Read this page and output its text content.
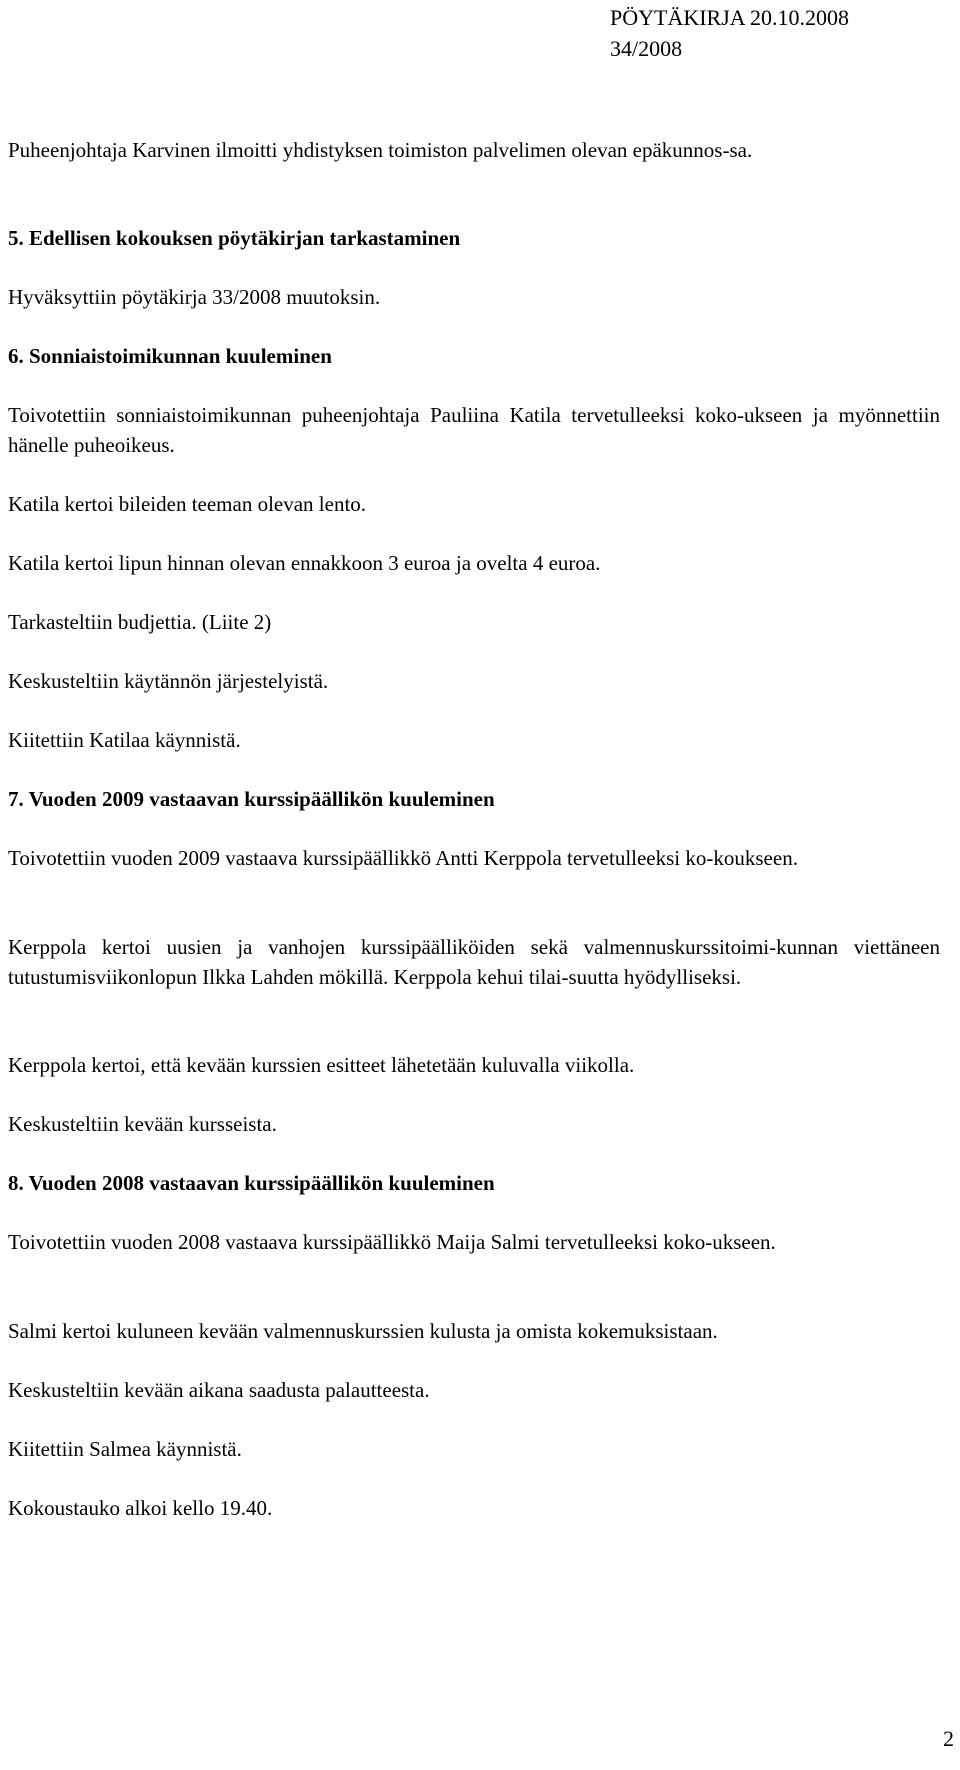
PÖYTÄKIRJA 20.10.2008
34/2008

Puheenjohtaja Karvinen ilmoitti yhdistyksen toimiston palvelimen olevan epäkunnos-sa.

5. Edellisen kokouksen pöytäkirjan tarkastaminen

Hyväksyttiin pöytäkirja 33/2008 muutoksin.

6. Sonniaistoimikunnan kuuleminen

Toivotettiin sonniaistoimikunnan puheenjohtaja Pauliina Katila tervetulleeksi koko-ukseen ja myönnettiin hänelle puheoikeus.

Katila kertoi bileiden teeman olevan lento.

Katila kertoi lipun hinnan olevan ennakkoon 3 euroa ja ovelta 4 euroa.

Tarkasteltiin budjettia. (Liite 2)

Keskusteltiin käytännön järjestelyistä.

Kiitettiin Katilaa käynnistä.

7. Vuoden 2009 vastaavan kurssipäällikön kuuleminen

Toivotettiin vuoden 2009 vastaava kurssipäällikkö Antti Kerppola tervetulleeksi ko-koukseen.

Kerppola kertoi uusien ja vanhojen kurssipäälliköiden sekä valmennuskurssitoimi-kunnan viettäneen tutustumisviikonlopun Ilkka Lahden mökillä. Kerppola kehui tilai-suutta hyödylliseksi.

Kerppola kertoi, että kevään kurssien esitteet lähetetään kuluvalla viikolla.

Keskusteltiin kevään kursseista.

8. Vuoden 2008 vastaavan kurssipäällikön kuuleminen

Toivotettiin vuoden 2008 vastaava kurssipäällikkö Maija Salmi tervetulleeksi koko-ukseen.

Salmi kertoi kuluneen kevään valmennuskurssien kulusta ja omista kokemuksistaan.

Keskusteltiin kevään aikana saadusta palautteesta.

Kiitettiin Salmea käynnistä.

Kokoustauko alkoi kello 19.40.

2
